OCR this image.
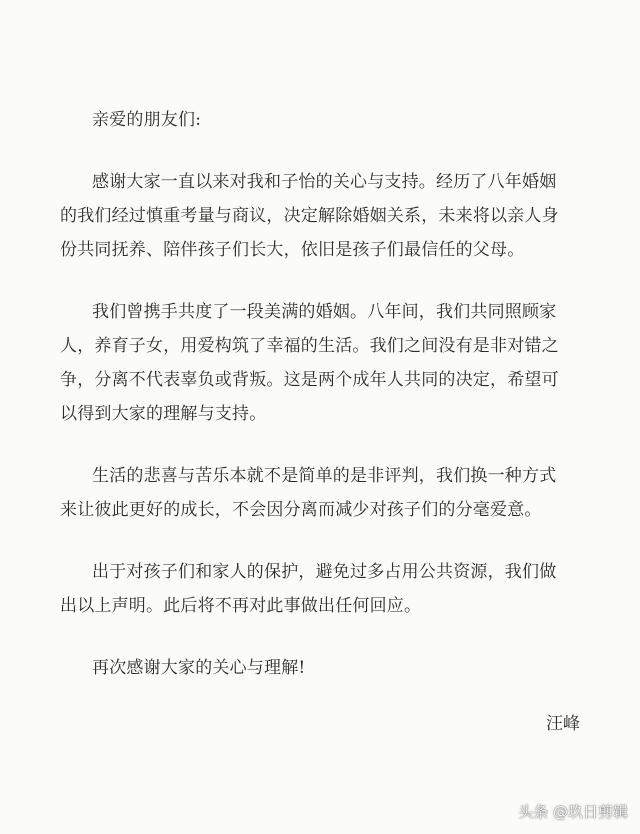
亲爱的朋友们:
感谢大家一直以来对我和子怡的关心与支持。经历了八年婚姻
的我们经过慎重考量与商议，决定解除婚姻关系，未来将以亲人身
份共同抚养、陪伴孩子们长大，依旧是孩子们最信任的父母。
我们曾携手共度了一段美满的婚姻。八年间，我们共同照顾家
人，养育子女，用爱构筑了幸福的生活。我们之间没有是非对错之
争，分离不代表辜负或背叛。这是两个成年人共同的决定，希望可
以得到大家的理解与支持。
生活的悲喜与苦乐本就不是简单的是非评判，我们换一种方式
来让彼此更好的成长，不会因分离而减少对孩子们的分毫爱意。
出于对孩子们和家人的保护，避免过多占用公共资源，我们做
出以上声明。此后将不再对此事做出任何回应。
再次感谢大家的关心与理解!
汪峰
头条 @玖日剪辑
